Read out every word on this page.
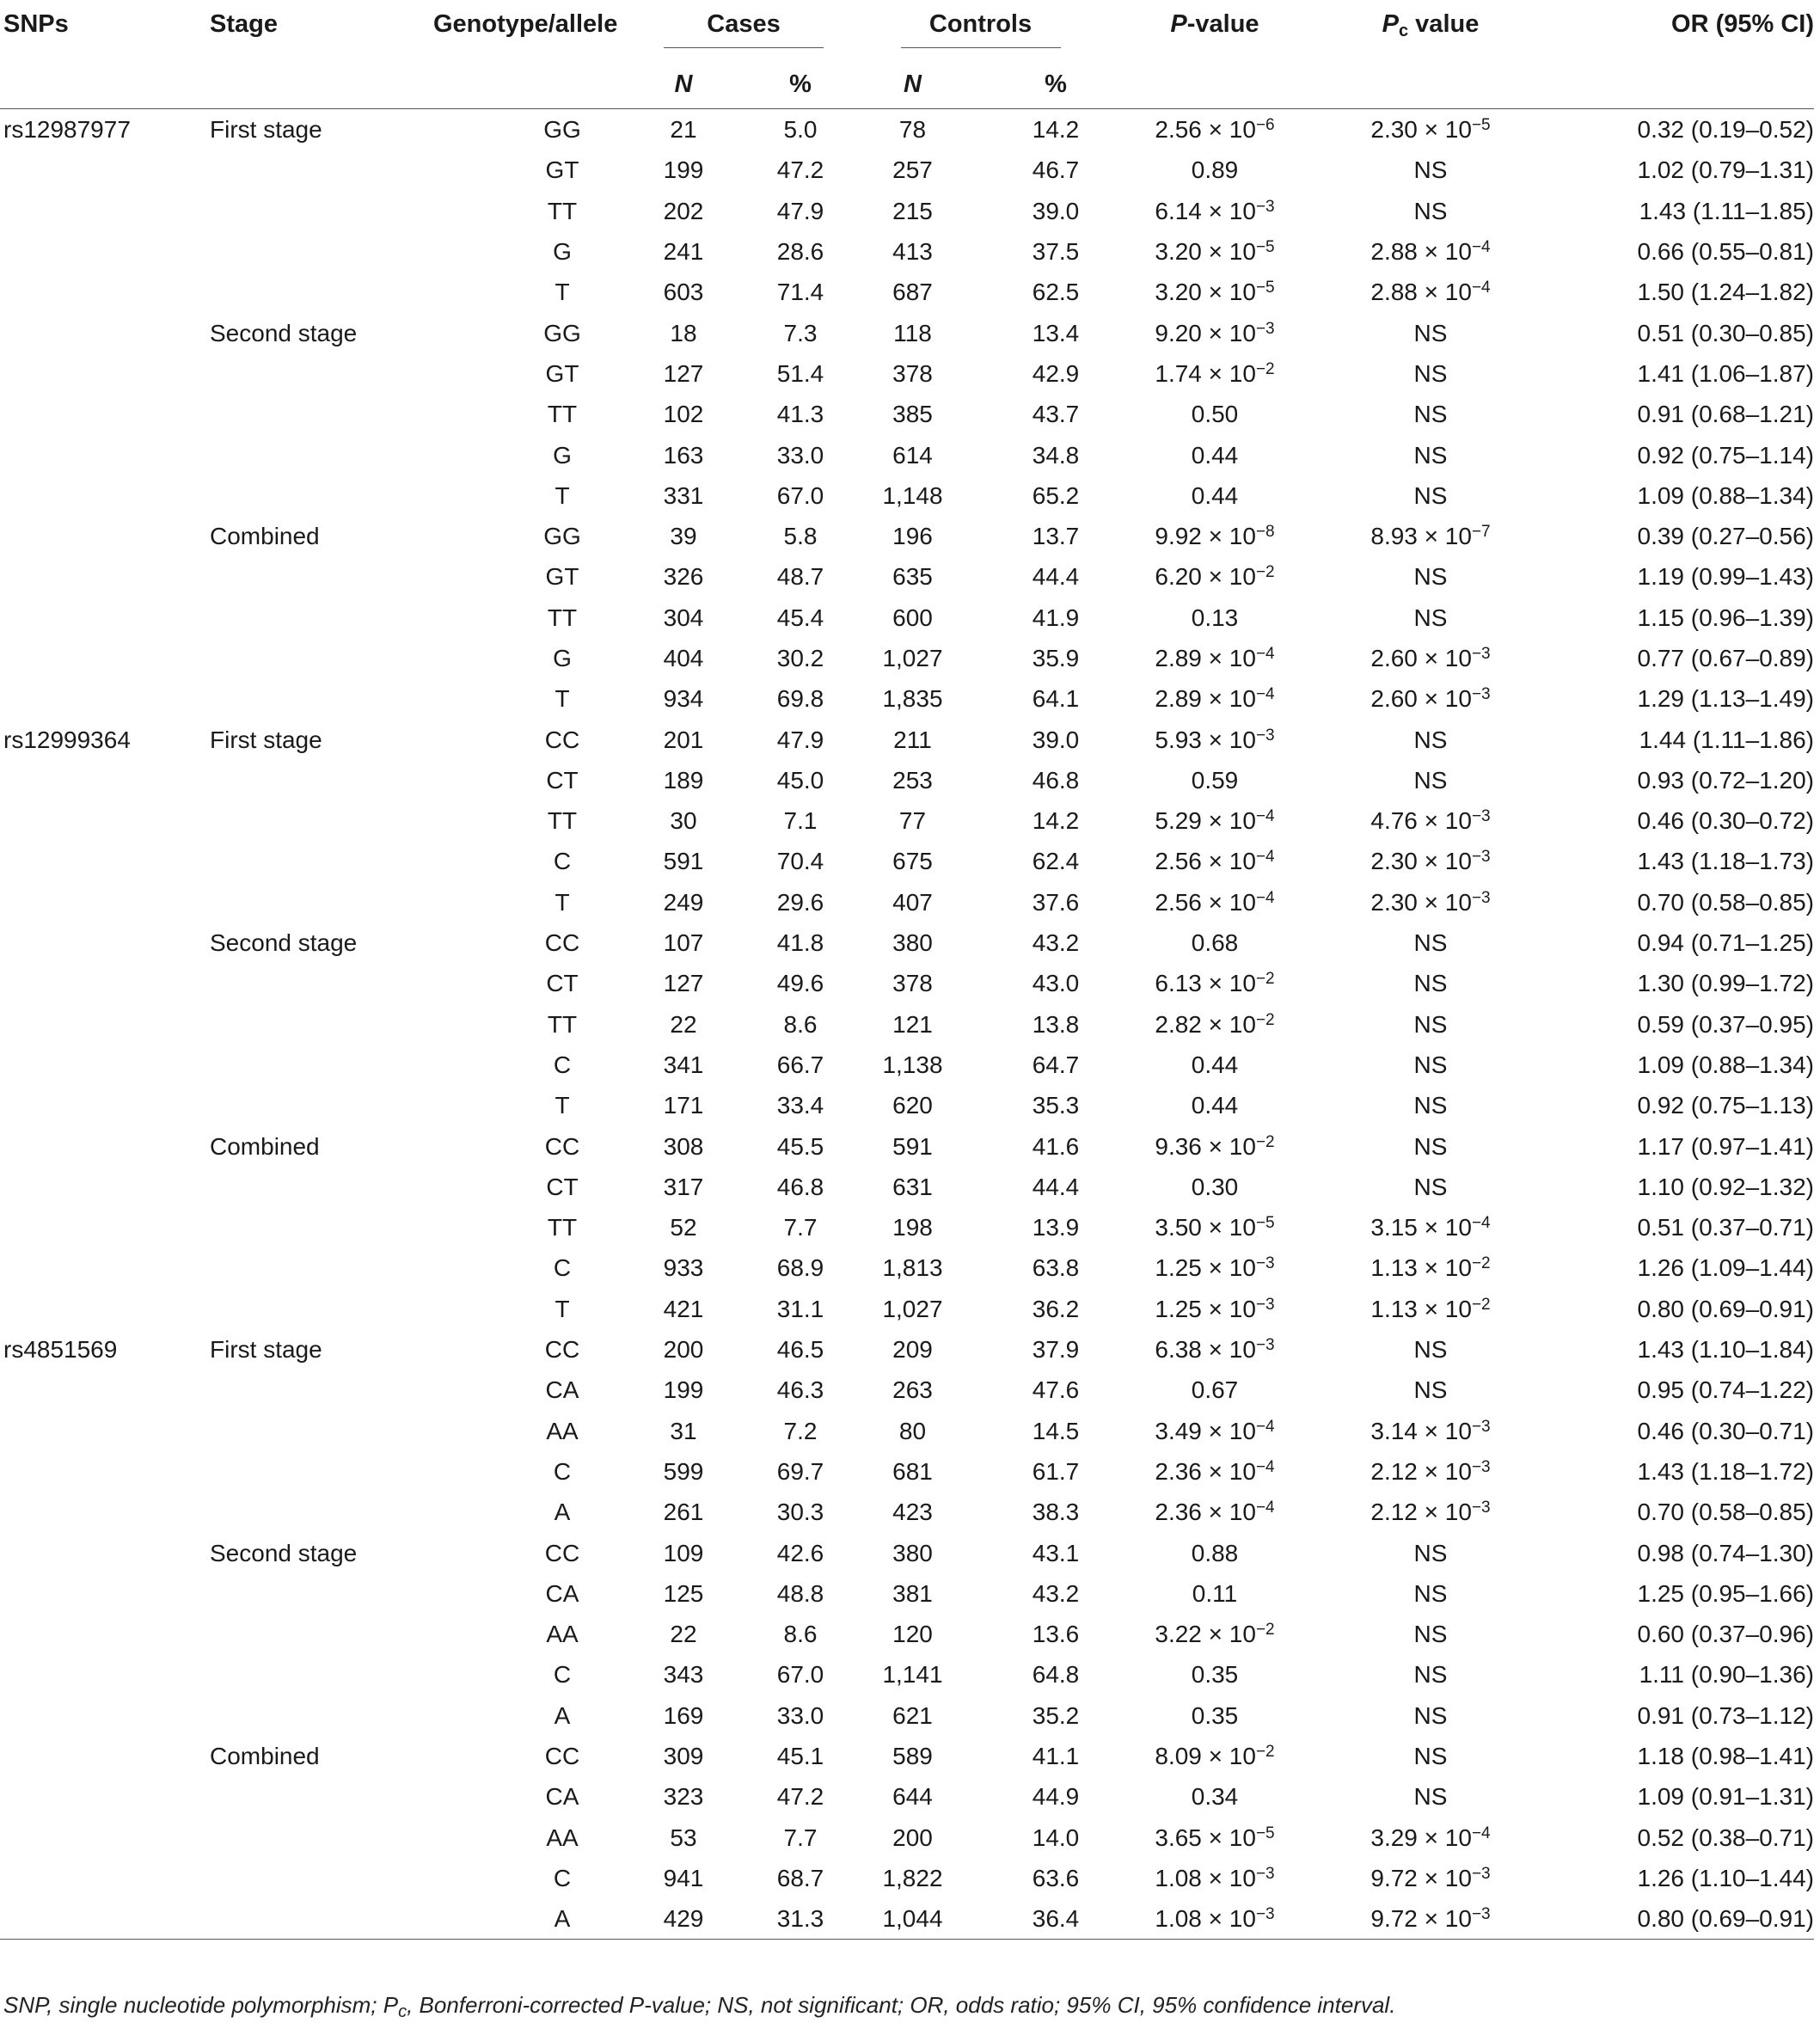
SNPs	Stage	Genotype/allele	Cases		Controls		P-value	$P_c$ value	OR (95% CI)
			N	%	N	%			
rs12987977	First stage	GG	21	5.0	78	14.2	$2.56 \times 10^{-6}$	$2.30 \times 10^{-5}$	0.32 (0.19–0.52)
		GT	199	47.2	257	46.7	0.89	NS	1.02 (0.79–1.31)
		TT	202	47.9	215	39.0	$6.14 \times 10^{-3}$	NS	1.43 (1.11–1.85)
		G	241	28.6	413	37.5	$3.20 \times 10^{-5}$	$2.88 \times 10^{-4}$	0.66 (0.55–0.81)
		T	603	71.4	687	62.5	$3.20 \times 10^{-5}$	$2.88 \times 10^{-4}$	1.50 (1.24–1.82)
	Second stage	GG	18	7.3	118	13.4	$9.20 \times 10^{-3}$	NS	0.51 (0.30–0.85)
		GT	127	51.4	378	42.9	$1.74 \times 10^{-2}$	NS	1.41 (1.06–1.87)
		TT	102	41.3	385	43.7	0.50	NS	0.91 (0.68–1.21)
		G	163	33.0	614	34.8	0.44	NS	0.92 (0.75–1.14)
		T	331	67.0	1,148	65.2	0.44	NS	1.09 (0.88–1.34)
	Combined	GG	39	5.8	196	13.7	$9.92 \times 10^{-8}$	$8.93 \times 10^{-7}$	0.39 (0.27–0.56)
		GT	326	48.7	635	44.4	$6.20 \times 10^{-2}$	NS	1.19 (0.99–1.43)
		TT	304	45.4	600	41.9	0.13	NS	1.15 (0.96–1.39)
		G	404	30.2	1,027	35.9	$2.89 \times 10^{-4}$	$2.60 \times 10^{-3}$	0.77 (0.67–0.89)
		T	934	69.8	1,835	64.1	$2.89 \times 10^{-4}$	$2.60 \times 10^{-3}$	1.29 (1.13–1.49)
rs12999364	First stage	CC	201	47.9	211	39.0	$5.93 \times 10^{-3}$	NS	1.44 (1.11–1.86)
		CT	189	45.0	253	46.8	0.59	NS	0.93 (0.72–1.20)
		TT	30	7.1	77	14.2	$5.29 \times 10^{-4}$	$4.76 \times 10^{-3}$	0.46 (0.30–0.72)
		C	591	70.4	675	62.4	$2.56 \times 10^{-4}$	$2.30 \times 10^{-3}$	1.43 (1.18–1.73)
		T	249	29.6	407	37.6	$2.56 \times 10^{-4}$	$2.30 \times 10^{-3}$	0.70 (0.58–0.85)
	Second stage	CC	107	41.8	380	43.2	0.68	NS	0.94 (0.71–1.25)
		CT	127	49.6	378	43.0	$6.13 \times 10^{-2}$	NS	1.30 (0.99–1.72)
		TT	22	8.6	121	13.8	$2.82 \times 10^{-2}$	NS	0.59 (0.37–0.95)
		C	341	66.7	1,138	64.7	0.44	NS	1.09 (0.88–1.34)
		T	171	33.4	620	35.3	0.44	NS	0.92 (0.75–1.13)
	Combined	CC	308	45.5	591	41.6	$9.36 \times 10^{-2}$	NS	1.17 (0.97–1.41)
		CT	317	46.8	631	44.4	0.30	NS	1.10 (0.92–1.32)
		TT	52	7.7	198	13.9	$3.50 \times 10^{-5}$	$3.15 \times 10^{-4}$	0.51 (0.37–0.71)
		C	933	68.9	1,813	63.8	$1.25 \times 10^{-3}$	$1.13 \times 10^{-2}$	1.26 (1.09–1.44)
		T	421	31.1	1,027	36.2	$1.25 \times 10^{-3}$	$1.13 \times 10^{-2}$	0.80 (0.69–0.91)
rs4851569	First stage	CC	200	46.5	209	37.9	$6.38 \times 10^{-3}$	NS	1.43 (1.10–1.84)
		CA	199	46.3	263	47.6	0.67	NS	0.95 (0.74–1.22)
		AA	31	7.2	80	14.5	$3.49 \times 10^{-4}$	$3.14 \times 10^{-3}$	0.46 (0.30–0.71)
		C	599	69.7	681	61.7	$2.36 \times 10^{-4}$	$2.12 \times 10^{-3}$	1.43 (1.18–1.72)
		A	261	30.3	423	38.3	$2.36 \times 10^{-4}$	$2.12 \times 10^{-3}$	0.70 (0.58–0.85)
	Second stage	CC	109	42.6	380	43.1	0.88	NS	0.98 (0.74–1.30)
		CA	125	48.8	381	43.2	0.11	NS	1.25 (0.95–1.66)
		AA	22	8.6	120	13.6	$3.22 \times 10^{-2}$	NS	0.60 (0.37–0.96)
		C	343	67.0	1,141	64.8	0.35	NS	1.11 (0.90–1.36)
		A	169	33.0	621	35.2	0.35	NS	0.91 (0.73–1.12)
	Combined	CC	309	45.1	589	41.1	$8.09 \times 10^{-2}$	NS	1.18 (0.98–1.41)
		CA	323	47.2	644	44.9	0.34	NS	1.09 (0.91–1.31)
		AA	53	7.7	200	14.0	$3.65 \times 10^{-5}$	$3.29 \times 10^{-4}$	0.52 (0.38–0.71)
		C	941	68.7	1,822	63.6	$1.08 \times 10^{-3}$	$9.72 \times 10^{-3}$	1.26 (1.10–1.44)
		A	429	31.3	1,044	36.4	$1.08 \times 10^{-3}$	$9.72 \times 10^{-3}$	0.80 (0.69–0.91)
SNP, single nucleotide polymorphism; $P_c$, Bonferroni-corrected P-value; NS, not significant; OR, odds ratio; 95% CI, 95% confidence interval.
